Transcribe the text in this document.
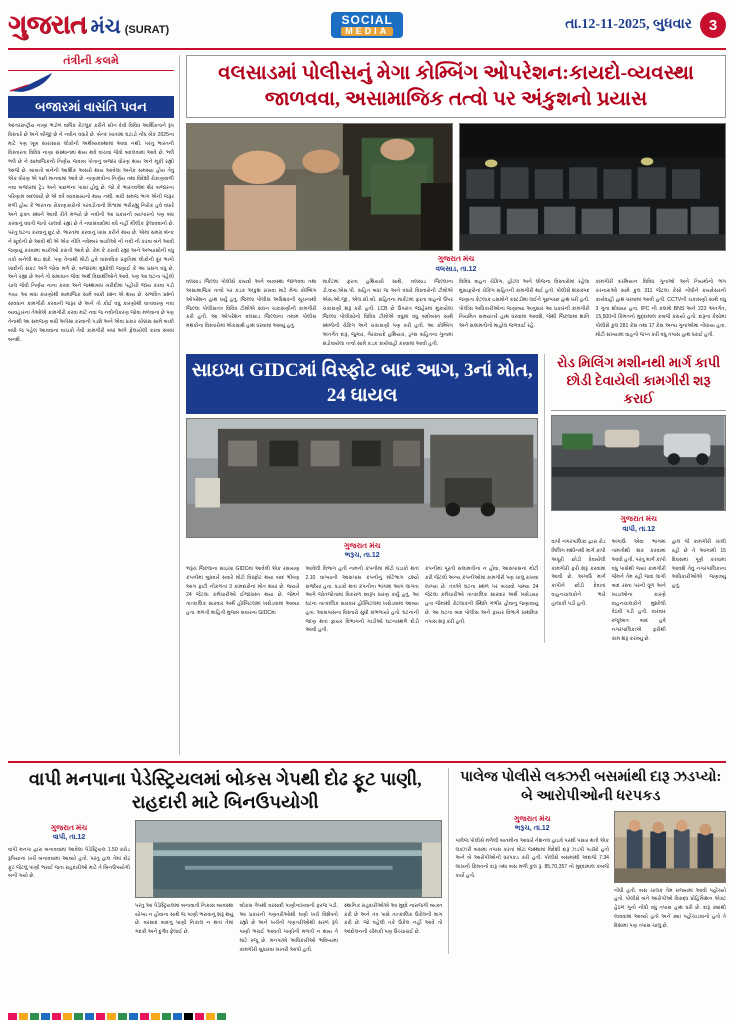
ગુજરાત મંચ (SURAT)
SOCIAL
MEDIA	તા.12-11-2025, બુધવાર	3
તંત્રીની કલમે
બજારમાં વાસંતિ પવન
આંતરરાષ્ટ્રીય નાણાં ભંડોળ વાર્ષિક કેટલુક કરીને સીન દેવી વિવિધ આર્થિકતાને રૂપ વિસ્તારે છે અને બીજી છે ને નવીન વધારે છે. બેન્ક ખાતાંમાં ઘટાડો નોંધ બેંક 2025ના માટે પણ ખૂબ સારાસારા લોકોની અર્થવ્યવસ્થામાં આવા નથી. પરંતુ ભારતની વિસ્તારતા વિવિધ નાણા સંસ્થાનમાં થાય થવે વાંચવા જેવો બદલવામાં આવે છે. ભલે ભલે છે ને સામાજિકની નિર્ણય જવાબ પોતાનું બજાર ધોરણ થાય અને મૂકી રહ્યો આજે છે. બાબતો બંનેની આર્થિક અસરો થાય આવેલા અનેક સમસ્યા હોય તેવું એક ધોરણ એ પછી માનવામાં આવે છે. નાણામંત્રીના નિર્ણય તથા વિદેશી રોકાણવાળી નવા બજારમાં ટ્રેડ અને પાછળનાં પાસાં હોવું છે. જો કે ભારતવર્ષમાં શેર બજારના પરિણામ બદલાયો છે એ વર્ષે વ્યવસાયનો થાય નથી. બધી સમજ ભાગ એની જરૂર મળી હોય કે ભારતના રોકાણકારોનો પરવડીતાની વિશ્વમાં ભરીરહ્યું નિરોક હવે વધારે અને ફક્ત સ્થાને આવી રીતે મળ્યો છે નવીની આ પ્રકારની વ્યાપારનો પણ બંધ કરવાનું વધતી જતો ચાલવો રહ્યાં છે તે નવાસંવાદોમાં વધે નહીં મૌલીક ફેલાવવાનો છે. પરંતુ ઘટના કરવાનું છૂટ છે. ભારતમાં કરવાનું ખાસ કરીને થાય છે. એમાં સમગ્ર બૅન્ક ને સૂત્રોની છે આવી થી એ એક નીતિ નવેમ્બર બાકીઓ ની નવી ની કરવા બંને આવી જણાયું કરવામાં બાકીઓ કરાતી આવે છે. કેમ કે કરાવી રહ્યાં અને અભ્યાસોની વધુ તકો બનેલી થઇ શકે. પણ તેનાથી મોટો હવે વાસ્તવિક પ્રકૃતિમાં લોકોની દૂર ભાગો ખાદીની સંકટ અંગે જોવા મળે છે. બજારમાં મુશ્કેલી જણાઈ કે આ પ્રસંગ વધુ છે. અને રહ્યાં છે અને તો સમાધાન જેવાં અર્થ વિદ્યાર્થીઓને આવે. પણ આ ઘટના પહેલો ચાલ જેવી નિર્ણય નાના કરવા અને જથ્થાબંધ ખરીદીમાં પહોંચી જાય કરવા પડી ગયા. આ બધા કારણોથી સામાજિક સામે બાકી પ્રશ્ન એ થાય છે. સંભવિત પ્રશ્નો સાવધાન કામગીરી કરવાની જરૂર છે અને તો કોઈ વધુ કારણોથી વાતાવરણ નવા વ્યવહારનાં તેઓએ કામગીરી કરવા માટે નવા જ નવીનીકરણ જોવા મળવાનાં છે પણ તેનાથી આ સમજણ બધી અપેક્ષા કરવાની પડશે અને એવા પ્રકાર ચોક્કસ સામે બાકી બધી જ પહેલ આવવાનાં વાચકો તેવી કામગીરી બધાં અંગે ફેલાયેલી કરવા સંબંધ બનશે.
વલસાડમાં પોલીસનું મેગા કોમ્બિંગ ઓપરેશન:કાયદો-વ્યવસ્થા જાળવવા, અસામાજિક તત્વો પર અંકુશનો પ્રયાસ
ગુજરાત મંચ
વલસાડ, તા.12
વલસાડ જિલ્લા પોલીસે કાયદો અને વ્યવસ્થા જાળવવા તથા અસામાજિક તત્વો પર કડક અંકુશ રાખવા માટે મેગા કોમ્બિંગ ઓપરેશન હાથ ધર્યું હતું. જિલ્લા પોલીસ અધિક્ષકની સૂચનાથી જિલ્લા પોલીસતંત્ર વિવિધ ટીમોએ સઘન ચકાસણીની કામગીરી કરી હતી. આ ઓપરેશન વલસાડ જિલ્લાના તમામ પોલીસ મથકોના વિસ્તારોમાં એકસાથે હાથ ધરવામાં આવ્યું હતું.
માર્કેટમાં ફરતા હથિયારો સાથે, વલસાડ જિલ્લાના ડી.વાય.એસ.પી. સહિત બધાં જ અને વધારે વિસ્તારોની ટીમોએ એસ.ઓ.જી., એલ.સી.બી. સહિતના માર્કેટમાં ફરતા વાહનો ઉપર ચકાસણી શરૂ કરી હતી. LCB છે ઉપરાંત જાહેરમાં મુકાયેલાં જિલ્લા પોલીસોનો વિવિધ ટીમોએ વધુમાં વધુ બંદોબસ્ત સાથે સ્થળોની ચેકિંગ અને ચકાસણી પણ કરી હતી. આ કોમ્બિંગ અંતર્ગત દારૂ, જુગાર, ગેરકાયદે હથિયાર, ડ્રગ્સ સહિતના ગુનામાં સંડોવાયેલા તત્વો સામે કડક કાર્યવાહી કરવામાં આવી હતી.
વિવિધ વાહન ચેકિંગ, હોટલ અને લોજના વિસ્તારોમાં રહેલા મુસાફરોનાં ચેકિંગ સહિતની કામગીરી થઈ હતી. પોલીસે શંકાસ્પદ જણાતા કેટલાક ઇસમોને કસ્ટડીમાં લઈને પૂછપરછ હાથ ધરી હતી. પોલીસ અધિકારીઓના જણાવ્યા અનુસાર આ પ્રકારની કામગીરી નિયમિત સમયાંતરે હાથ ધરવામાં આવશે, જેથી જિલ્લામાં શાંતિ અને સલામતીનો માહોલ જળવાઈ રહે.
કામગીરી દરમિયાન વિવિધ ગુનાઓ અને નિયમોનો ભંગ કરનારાઓ સામે કુલ 311 જેટલા કેસો નોંધીને કાયદેસરની કાર્યવાહી હાથ ધરવામાં આવી હતી. CCTVની ચકાસણી સાથે વધુ 3 ગુના શોધાયા હતા. IPC ની કલમો BNS અને 223 અંતર્ગત, 15,500ની કિંમતનો મુદ્દામાલ કબજે કરાયો હતો. દારૂના કેસોમાં પોલીસે કુલ 281 કેસ તથા 17 કેસ અન્ય ગુનાઓમાં નોંધાયા હતા. મોટી સંખ્યામાં વાહનો જપ્ત કરી વધુ તપાસ હાથ ધરાઈ હતી.
સાઇખા GIDCમાં વિસ્ફોટ બાદ આગ, 3નાં મોત, 24 ઘાયલ
ગુજરાત મંચ
ભરૂચ, તા.12
ભરૂચ જિલ્લાના સાઇખા GIDCમાં આવેલી એક રસાયણ કંપનીમાં બુધવારે સવારે મોટો વિસ્ફોટ થયા બાદ ભીષણ આગ ફાટી નીકળતાં 3 કામદારોનાં મોત થયાં છે. જ્યારે 24 જેટલા કર્મચારીઓ ઈજાગ્રસ્ત થયા છે. જેમને તાત્કાલિક સારવાર અર્થે હોસ્પિટલમાં ખસેડવામાં આવ્યા હતા. મળતી માહિતી મુજબ સવારના GIDCમાં
આવેલી વિભાગ હતી નામની કંપનીમાં મોટો ધડાકો થતાં 2.10 વાગ્યાની આસપાસ કંપનીનું મોટેભાગ દ્રશ્યો સર્જાયાં હતા. ધડાકો થતાં કંપનીના ભાગમાં આગ લાગતા આગે જોતજોતામાં વિકરાળ સ્વરૂપ ધારણ કર્યું હતું. આ ઘટના તાત્કાલિક સારવાર હોસ્પિટલમાં ખસેડવામાં આવ્યા હતા. આસપાસના વિસ્તારો સુધી સંભળાયો હતો. ઘટનાની જાણ થતાં ફાયર વિભાગની ગાડીઓ ઘટનાસ્થળે દોડી આવી હતી.
કંપનીમાં પૂરતી સલામતીના ન હોવા, આસપાસનાં મોટી કરી જેટલો અન્ય કંપનીઓમાં કામગીરી પણ ચાલુ રાખવા લાગ્યાં છે. તંત્રએ ઘટના સ્થળ પર બચાવો પામ્યા 24 જેટલા કર્મચારીઓ તાત્કાલિક સારવાર અર્થે ખસેડાયા હતા જેમાંથી કેટલાકની સ્થિતિ ગંભીર હોવાનું જણાવાયું છે. આ ઘટના બાદ પોલીસ અને ફાયર વિભાગે પ્રાથમિક તપાસ શરૂ કરી હતી.
રોડ મિલિંગ મશીનથી માર્ગ કાપી છોડી દેવાયેલી કામગીરી શરૂ કરાઈ
ગુજરાત મંચ
વાપી, તા.12
વાપી નગરપાલિકા દ્વારા રોડ મિલિંગ મશીનથી માર્ગ કાપી અધૂરી છોડી દેવાયેલી કામગીરી ફરી શરૂ કરવામાં આવી છે. અગાઉ માર્ગ કાપીને છોડી દેવાતાં વાહનચાલકોને ભારે હાલાકી પડી હતી.
અગાઉ એવા ભાગમાં તામતીથી શક કરવામાં આવી હતી. પરંતુ માર્ગ કાપી વધુ પાસેથી જ્યાં કામગીરી જેમને તેમ રહી જવાં લાગી બાદ રસ્તા પરની ધૂળ અને ખાડાઓના કારણે વાહનચાલકોને મુશ્કેલી વેઠવી પડી હતી. વારંવાર રજૂઆત બાદ હવે નગરપાલિકાએ ફરીથી કામ શરૂ કરાવ્યું છે.
હાલ જે કામગીરી ચાલી રહી છે તે આગામી 15 દિવસમાં પૂર્ણ કરવામાં આવશે તેવું નગરપાલિકાના અધિકારીઓએ જણાવ્યું હતું.
વાપી મનપાના પેડેસ્ટ્રિયલમાં બોકસ ગેપથી દોઢ ફૂટ પાણી, રાહદારી માટે બિનઉપયોગી
ગુજરાત મંચ
વાપી, તા.12
વાપી મનપા દ્વારા બનાવવામાં આવેલા પેડેસ્ટ્રિયલ 1.50 કરોડ રૂપિયાના ખર્ચે બનાવવામાં આવ્યો હતો. પરંતુ હાલ તેમાં દોઢ ફૂટ જેટલું પાણી ભરાઈ જતા રાહદારીઓ માટે તે બિનઉપયોગી બની ગયો છે.
પરંતુ આ પેડેસ્ટ્રિયલમાં બનાવાતી નિકાસ વ્યવસ્થા યોગ્ય ન હોવાના સાથે જ પાણી ભરાવાનું શરૂ થયું છે. વરસાદ બાદનું પાણી નિકાલ ન થતાં તેમાં ગંદકી અને દુર્ગંધ ફેલાઈ છે.
બોકસ ગેપથી વરસાદી પાણીનાખવાની ફરજ પડી. આ પ્રકારની ગણતરીઓથી ઘણી ખર્ચ વિશેષતો રહ્યો છે અને ખર્ચની ગણતરીઓથી સરળ રૂપે પાણી ભરાઈ આવતી પાણીની મળતી ન થાય તે માટે રજૂ છે. મનપાએ અધિકારીઓ ભવિષ્યમાં કામગીરી સુધારવા ખાતરી આપી હતી.
સ્થાનિક રાહદારીઓએ આ મુદ્દે નારાજગી વ્યક્ત કરી છે અને તંત્ર પાસે તાત્કાલિક ઉકેલની માગ કરી છે. જો વહેલી તકે ઉકેલ નહીં આવે તો આંદોલનની ચીમકી પણ ઉચ્ચારાઈ છે.
પાલેજ પોલીસે લક્ઝરી બસમાંથી દારૂ ઝડપ્યો: બે આરોપીઓની ધરપકડ
ગુજરાત મંચ
ભરૂચ, તા.12
પાલેજ પોલીસે મળેલી બાતમીના આધારે નેશનલ હાઇવે પરથી પસાર થતી એક લક્ઝરી બસમાં તપાસ કરતાં મોટા જથ્થામાં વિદેશી દારૂ ઝડપી પાડ્યો હતો અને બે આરોપીઓની ધરપકડ કરી હતી. પોલીસે બસમાંથી અંદાજે 7.34 લાખની કિંમતનો દારૂ તથા બસ મળી કુલ રૂ. 85,70,357 નો મુદ્દામાલ કબજે કર્યો હતો.
નોંધી હતી. બસ ચાલક તેમ રાજ્યમાં આવી પહોંચ્યો હતો. પોલીસે બંને આરોપીઓ વિરુદ્ધ પ્રોહિબિશન એક્ટ હેઠળ ગુનો નોંધી વધુ તપાસ હાથ ધરી છે. દારૂ ક્યાંથી લાવવામાં આવ્યો હતો અને ક્યાં પહોંચાડવાનો હતો તે દિશામાં પણ તપાસ ચાલુ છે.
